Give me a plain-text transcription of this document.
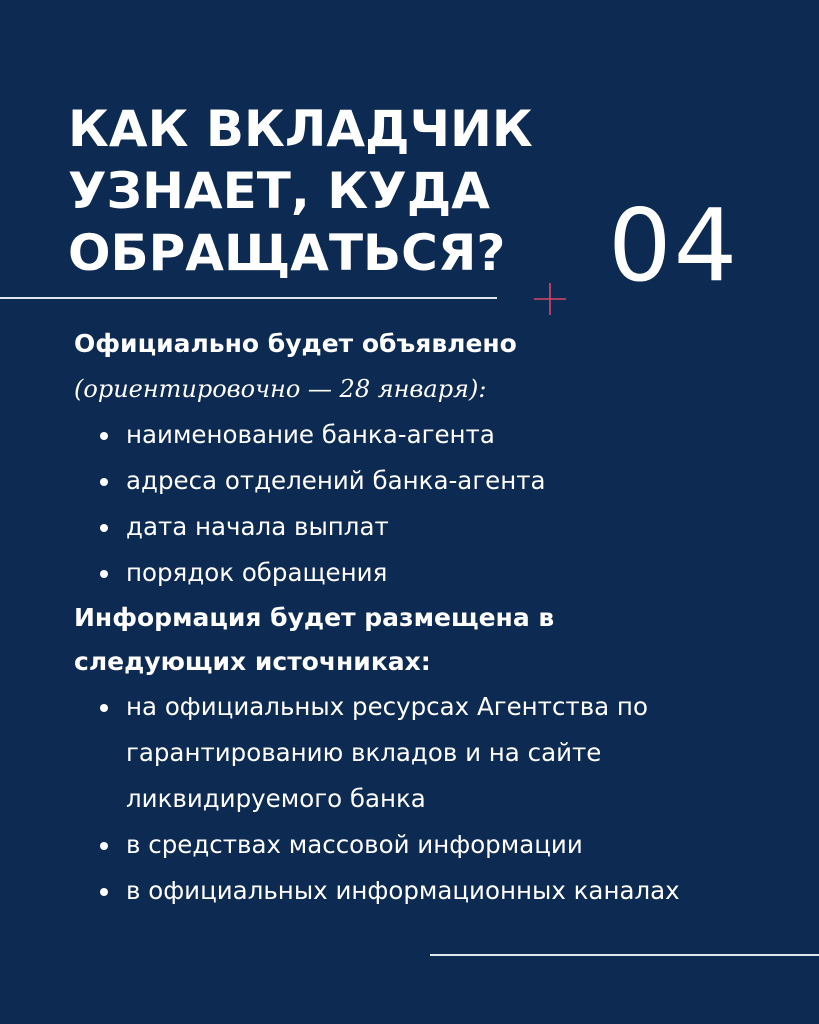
КАК ВКЛАДЧИК
УЗНАЕТ, КУДА
ОБРАЩАТЬСЯ? 04

Официально будет объявлено

(ориентировочно — 28 января):

наименование банка-агента
адреса отделений банка-агента
дата начала выплат
порядок обращения

Информация будет размещена в
следующих источниках:

на официальных ресурсах Агентства по гарантированию вкладов и на сайте ликвидируемого банка
в средствах массовой информации
в официальных информационных каналах
